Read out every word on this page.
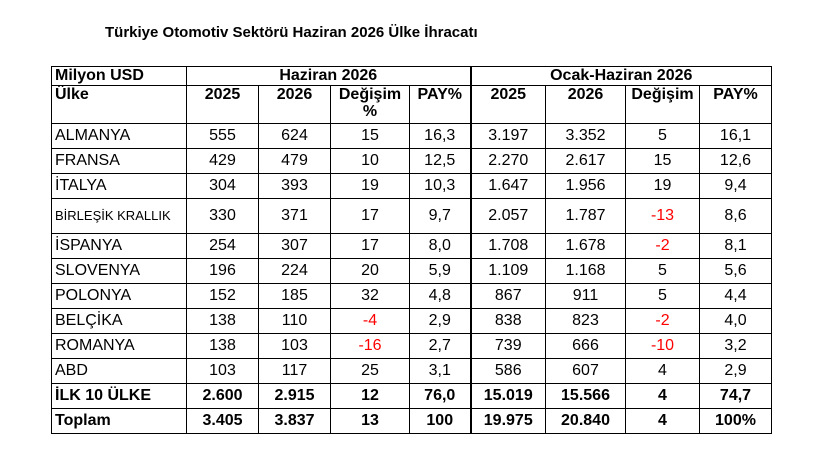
Türkiye Otomotiv Sektörü Haziran 2026 Ülke İhracatı
Milyon USD	Haziran 2026				Ocak-Haziran 2026			
Ülke	2025	2026	Değişim %	PAY%	2025	2026	Değişim	PAY%
ALMANYA	555	624	15	16,3	3.197	3.352	5	16,1
FRANSA	429	479	10	12,5	2.270	2.617	15	12,6
İTALYA	304	393	19	10,3	1.647	1.956	19	9,4
BİRLEŞİK KRALLIK	330	371	17	9,7	2.057	1.787	-13	8,6
İSPANYA	254	307	17	8,0	1.708	1.678	-2	8,1
SLOVENYA	196	224	20	5,9	1.109	1.168	5	5,6
POLONYA	152	185	32	4,8	867	911	5	4,4
BELÇİKA	138	110	-4	2,9	838	823	-2	4,0
ROMANYA	138	103	-16	2,7	739	666	-10	3,2
ABD	103	117	25	3,1	586	607	4	2,9
İLK 10 ÜLKE	2.600	2.915	12	76,0	15.019	15.566	4	74,7
Toplam	3.405	3.837	13	100	19.975	20.840	4	100%
